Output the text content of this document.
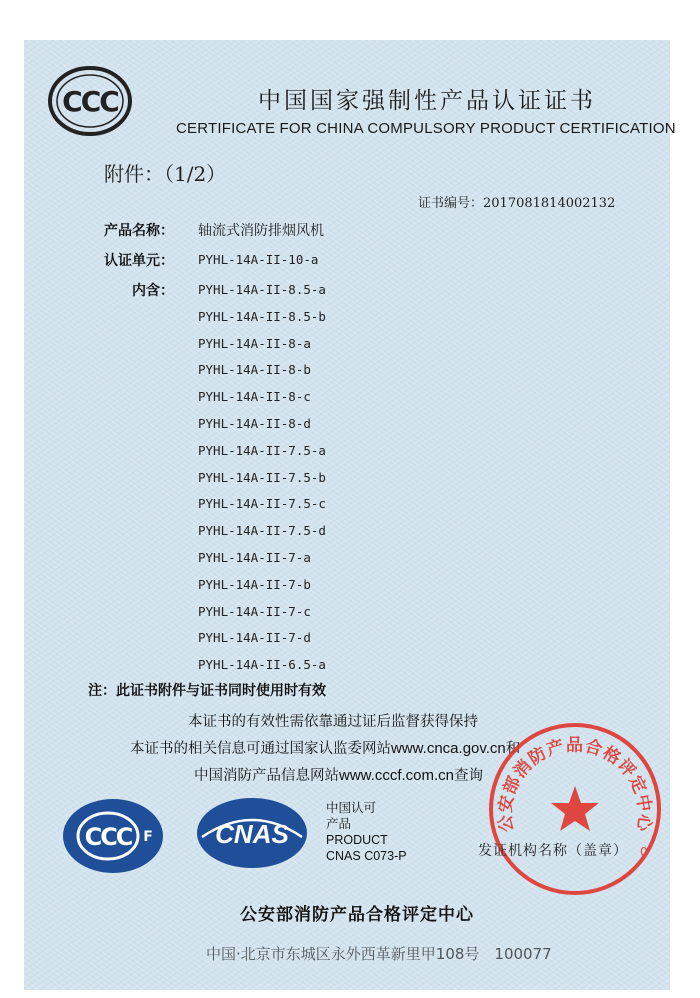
CCC	中国国家强制性产品认证证书
CERTIFICATE FOR CHINA COMPULSORY PRODUCT CERTIFICATION
附件：（1/2）
证书编号：2017081814002132
产品名称： 轴流式消防排烟风机
认证单元： PYHL-14A-II-10-a
内含： PYHL-14A-II-8.5-a
PYHL-14A-II-8.5-b
PYHL-14A-II-8-a
PYHL-14A-II-8-b
PYHL-14A-II-8-c
PYHL-14A-II-8-d
PYHL-14A-II-7.5-a
PYHL-14A-II-7.5-b
PYHL-14A-II-7.5-c
PYHL-14A-II-7.5-d
PYHL-14A-II-7-a
PYHL-14A-II-7-b
PYHL-14A-II-7-c
PYHL-14A-II-7-d
PYHL-14A-II-6.5-a
注：此证书附件与证书同时使用时有效
本证书的有效性需依靠通过证后监督获得保持
本证书的相关信息可通过国家认监委网站www.cnca.gov.cn和
中国消防产品信息网站www.cccf.com.cn查询
CCC F CNAS
中国认可
产品
PRODUCT
CNAS C073-P
公安部消防产品合格评定中心
0
发证机构名称（盖章）
公安部消防产品合格评定中心
中国·北京市东城区永外西革新里甲108号　100077
